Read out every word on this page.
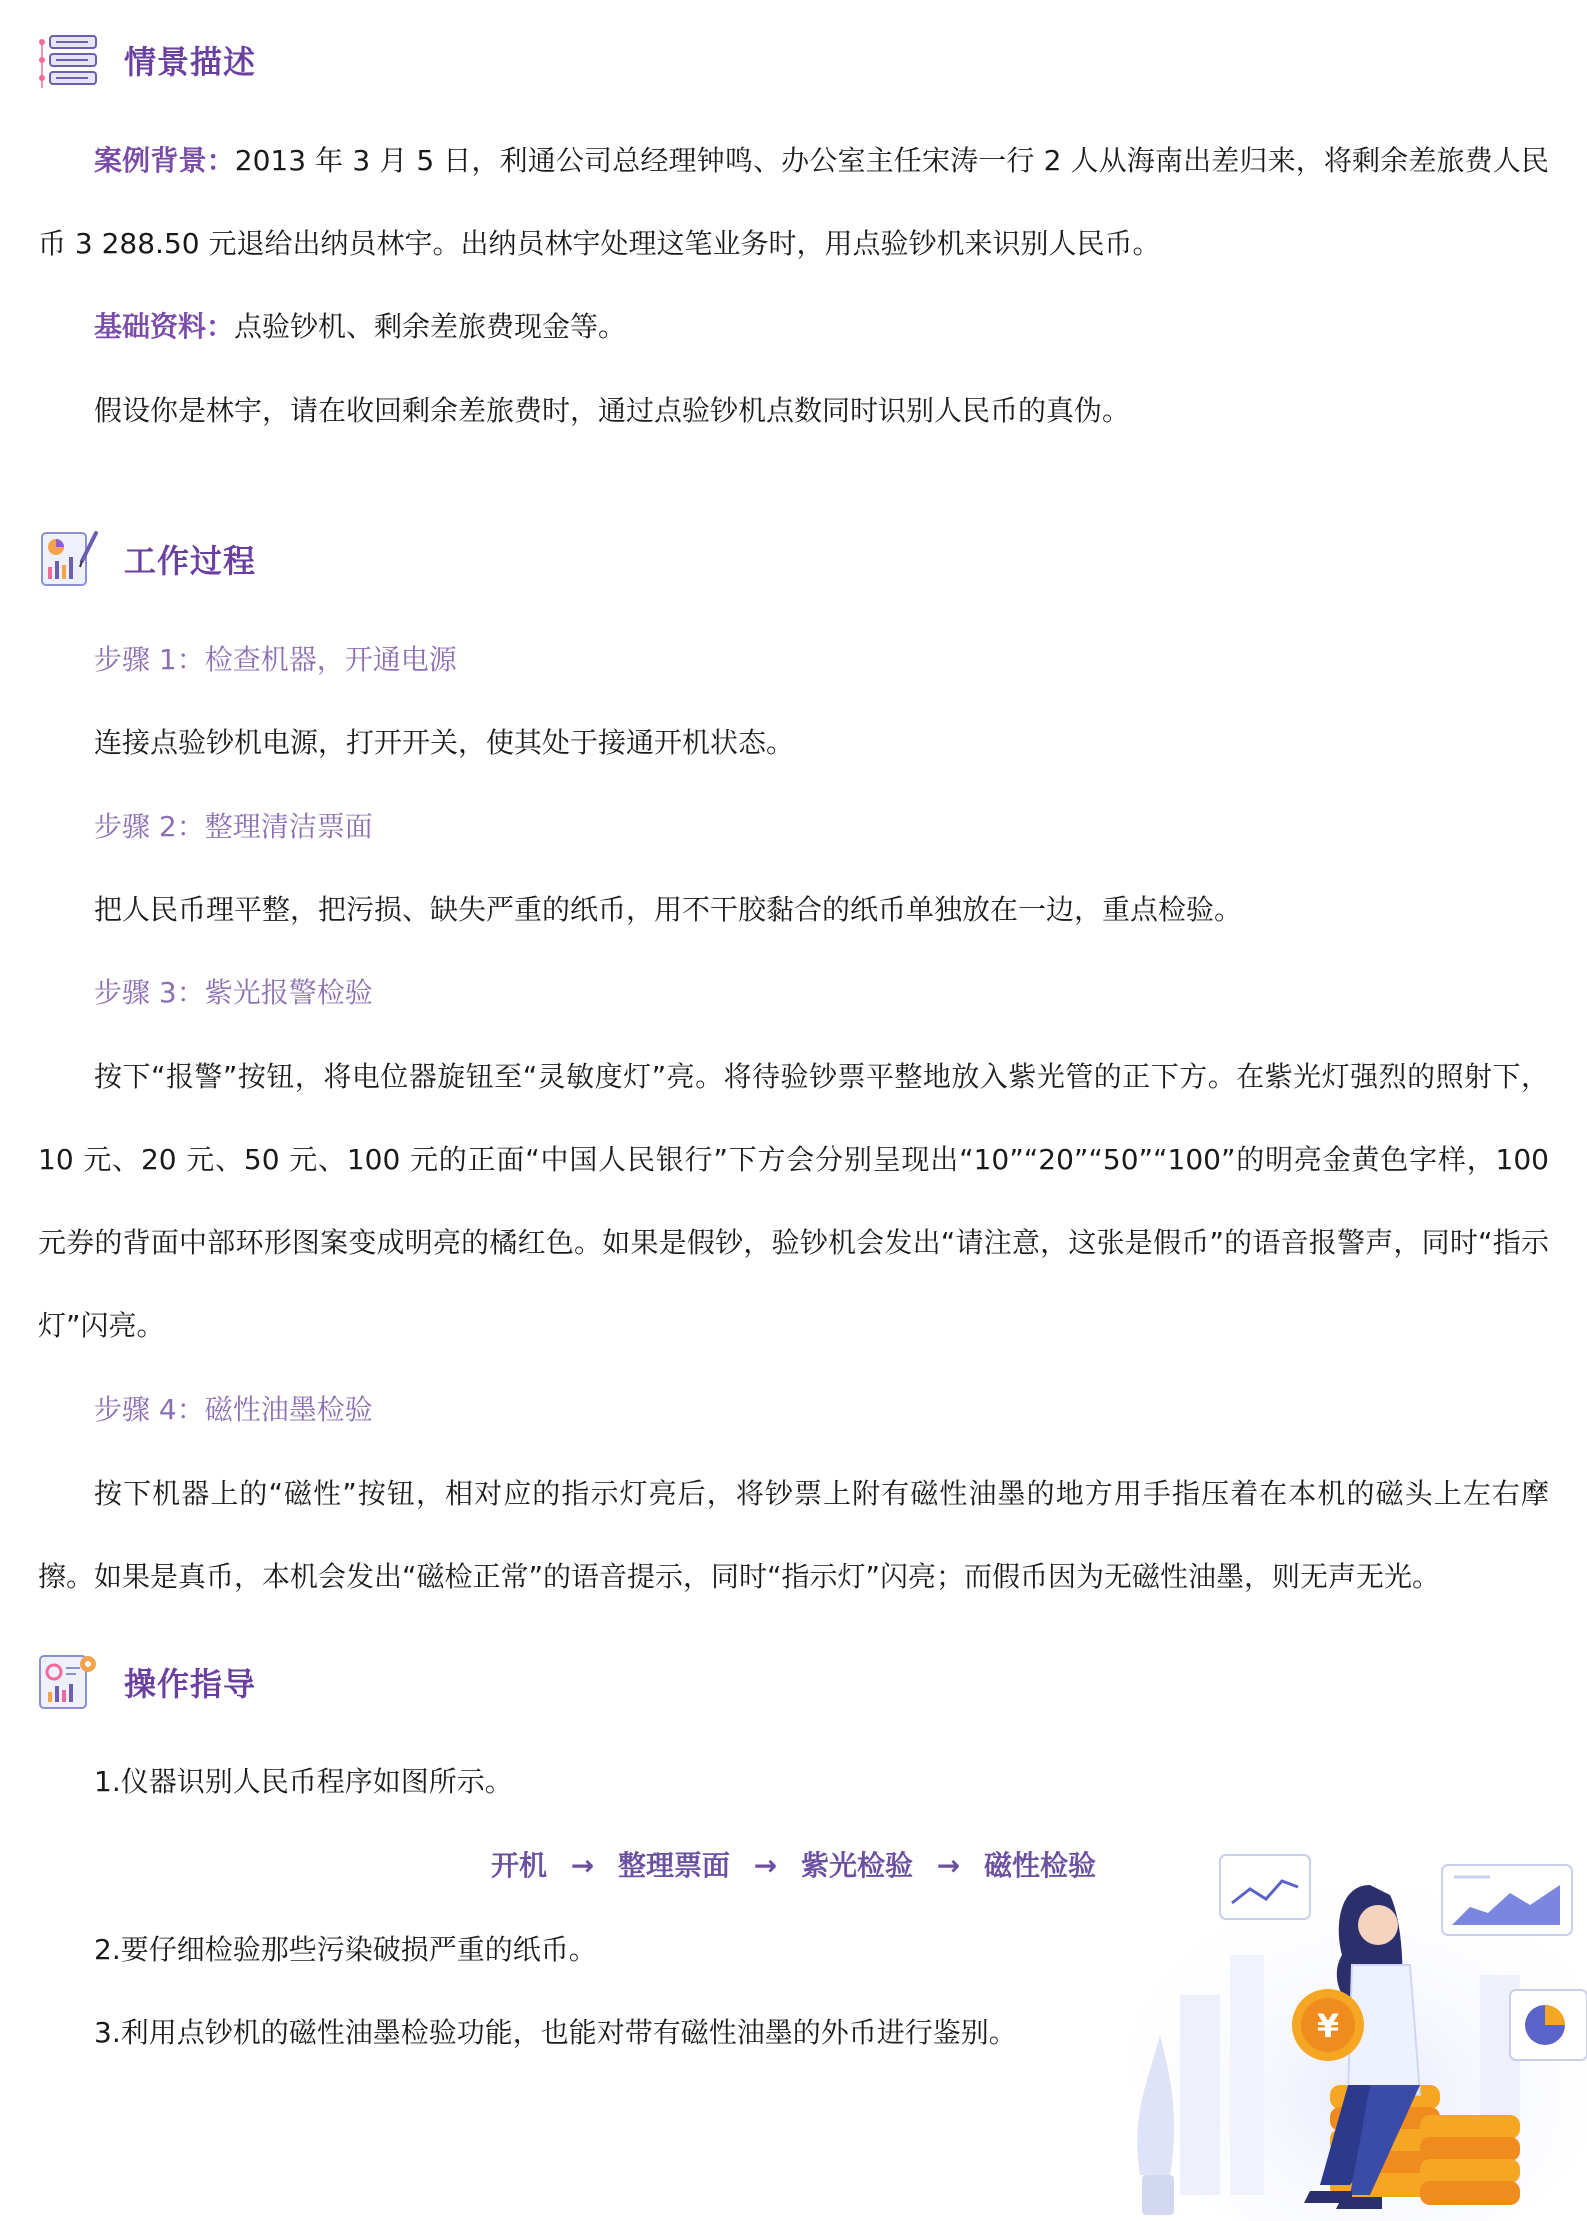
情景描述

案例背景：2013 年 3 月 5 日，利通公司总经理钟鸣、办公室主任宋涛一行 2 人从海南出差归来，将剩余差旅费人民币 3 288.50 元退给出纳员林宇。出纳员林宇处理这笔业务时，用点验钞机来识别人民币。

基础资料：点验钞机、剩余差旅费现金等。

假设你是林宇，请在收回剩余差旅费时，通过点验钞机点数同时识别人民币的真伪。

工作过程

步骤 1：检查机器，开通电源

连接点验钞机电源，打开开关，使其处于接通开机状态。

步骤 2：整理清洁票面

把人民币理平整，把污损、缺失严重的纸币，用不干胶黏合的纸币单独放在一边，重点检验。

步骤 3：紫光报警检验

按下“报警”按钮，将电位器旋钮至“灵敏度灯”亮。将待验钞票平整地放入紫光管的正下方。在紫光灯强烈的照射下，10 元、20 元、50 元、100 元的正面“中国人民银行”下方会分别呈现出“10”“20”“50”“100”的明亮金黄色字样，100 元券的背面中部环形图案变成明亮的橘红色。如果是假钞，验钞机会发出“请注意，这张是假币”的语音报警声，同时“指示灯”闪亮。

步骤 4：磁性油墨检验

按下机器上的“磁性”按钮，相对应的指示灯亮后，将钞票上附有磁性油墨的地方用手指压着在本机的磁头上左右摩擦。如果是真币，本机会发出“磁检正常”的语音提示，同时“指示灯”闪亮；而假币因为无磁性油墨，则无声无光。

操作指导

1.仪器识别人民币程序如图所示。

开机 → 整理票面 → 紫光检验 → 磁性检验

2.要仔细检验那些污染破损严重的纸币。

3.利用点钞机的磁性油墨检验功能，也能对带有磁性油墨的外币进行鉴别。	¥
